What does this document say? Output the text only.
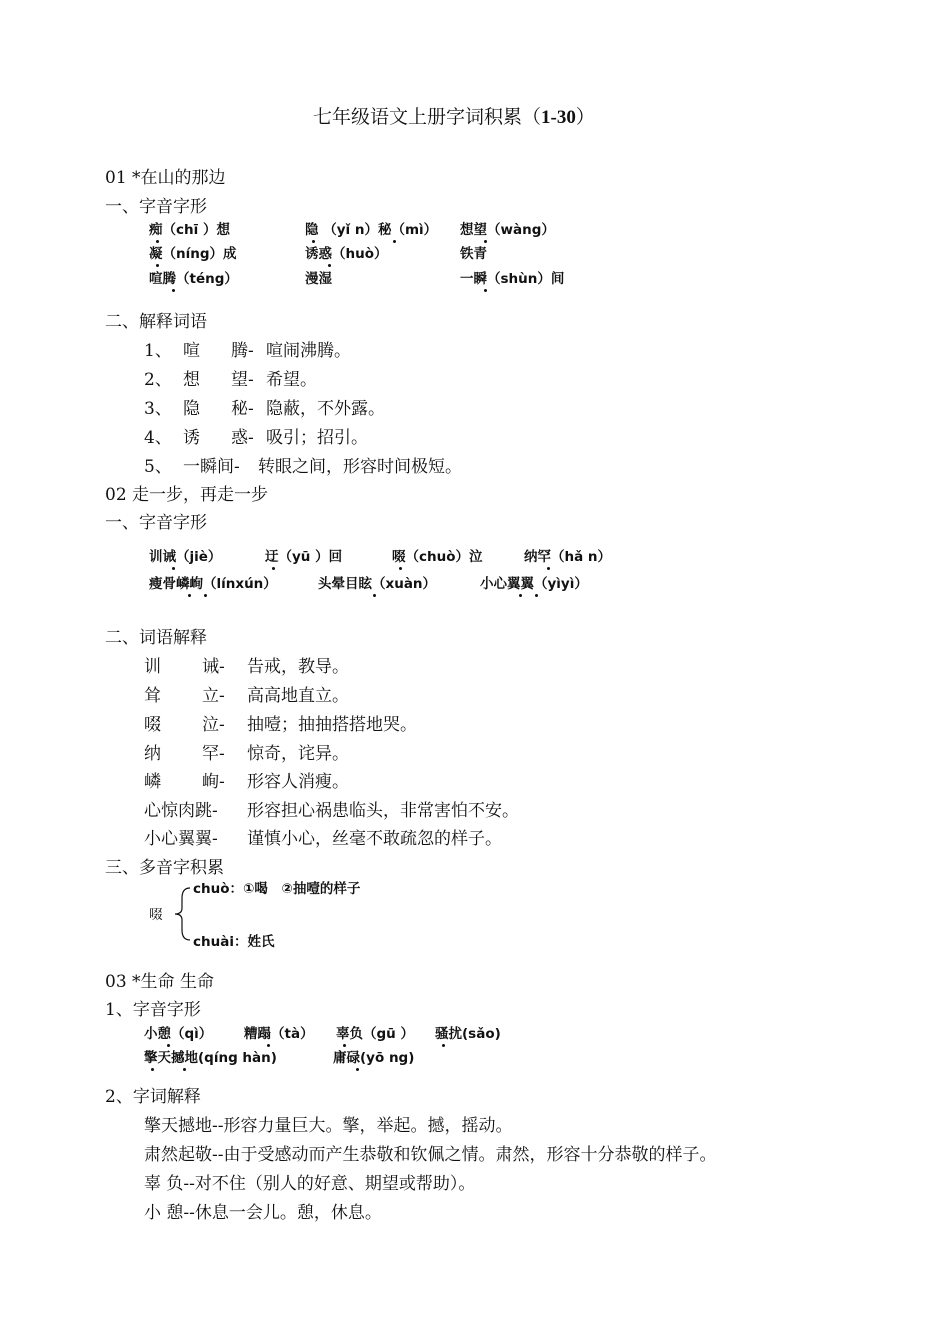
七年级语文上册字词积累（1-30）
01 *在山的那边
一、字音字形
痴（chī ）想	隐 （yǐ n）秘（mì） 想望（wàng）
凝（níng）成	诱惑（huò）	铁青
喧腾（téng）	漫湿	一瞬（shùn）间
二、解释词语
1、 喧 腾- 喧闹沸腾。
2、 想 望- 希望。
3、 隐 秘- 隐蔽，不外露。
4、 诱 惑- 吸引；招引。
5、 一瞬间- 转眼之间，形容时间极短。
02 走一步，再走一步
一、字音字形
训诫（jiè）	迂（yū ）回	啜（chuò）泣	纳罕（hǎ n）
瘦骨嶙峋（línxún）	头晕目眩（xuàn）	小心翼翼（yìyì）
二、词语解释
训 诫- 告戒，教导。
耸 立- 高高地直立。
啜 泣- 抽噎；抽抽搭搭地哭。
纳 罕- 惊奇，诧异。
嶙 峋- 形容人消瘦。
心惊肉跳- 形容担心祸患临头，非常害怕不安。
小心翼翼- 谨慎小心，丝毫不敢疏忽的样子。
三、多音字积累
啜
chuò：①喝　②抽噎的样子
chuài：姓氏
03 *生命 生命
1、字音字形
小憩（qì） 糟蹋（tà） 辜负（gū ） 骚扰(sǎo)
擎天撼地(qíng hàn)	庸碌(yō ng)
2、字词解释
擎天撼地--形容力量巨大。擎，举起。撼，摇动。
肃然起敬--由于受感动而产生恭敬和钦佩之情。肃然，形容十分恭敬的样子。
辜 负--对不住（别人的好意、期望或帮助）。
小 憩--休息一会儿。憩，休息。
